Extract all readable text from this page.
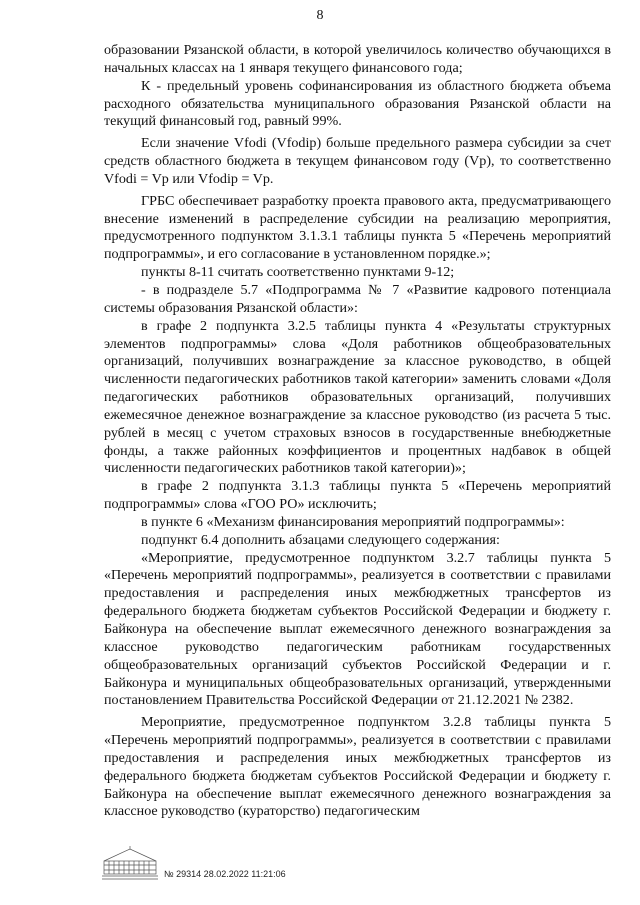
8

образовании Рязанской области, в которой увеличилось количество обучающихся в начальных классах на 1 января текущего финансового года;

К - предельный уровень софинансирования из областного бюджета объема расходного обязательства муниципального образования Рязанской области на текущий финансовый год, равный 99%.

Если значение Vfodi (Vfodip) больше предельного размера субсидии за счет средств областного бюджета в текущем финансовом году (Vp), то соответственно Vfodi = Vp или Vfodip = Vp.

ГРБС обеспечивает разработку проекта правового акта, предусматривающего внесение изменений в распределение субсидии на реализацию мероприятия, предусмотренного подпунктом 3.1.3.1 таблицы пункта 5 «Перечень мероприятий подпрограммы», и его согласование в установленном порядке.»;

пункты 8-11 считать соответственно пунктами 9-12;

- в подразделе 5.7 «Подпрограмма № 7 «Развитие кадрового потенциала системы образования Рязанской области»:

в графе 2 подпункта 3.2.5 таблицы пункта 4 «Результаты структурных элементов подпрограммы» слова «Доля работников общеобразовательных организаций, получивших вознаграждение за классное руководство, в общей численности педагогических работников такой категории» заменить словами «Доля педагогических работников образовательных организаций, получивших ежемесячное денежное вознаграждение за классное руководство (из расчета 5 тыс. рублей в месяц с учетом страховых взносов в государственные внебюджетные фонды, а также районных коэффициентов и процентных надбавок в общей численности педагогических работников такой категории)»;

в графе 2 подпункта 3.1.3 таблицы пункта 5 «Перечень мероприятий подпрограммы» слова «ГОО РО» исключить;

в пункте 6 «Механизм финансирования мероприятий подпрограммы»:

подпункт 6.4 дополнить абзацами следующего содержания:

«Мероприятие, предусмотренное подпунктом 3.2.7 таблицы пункта 5 «Перечень мероприятий подпрограммы», реализуется в соответствии с правилами предоставления и распределения иных межбюджетных трансфертов из федерального бюджета бюджетам субъектов Российской Федерации и бюджету г. Байконура на обеспечение выплат ежемесячного денежного вознаграждения за классное руководство педагогическим работникам государственных общеобразовательных организаций субъектов Российской Федерации и г. Байконура и муниципальных общеобразовательных организаций, утвержденными постановлением Правительства Российской Федерации от 21.12.2021 № 2382.

Мероприятие, предусмотренное подпунктом 3.2.8 таблицы пункта 5 «Перечень мероприятий подпрограммы», реализуется в соответствии с правилами предоставления и распределения иных межбюджетных трансфертов из федерального бюджета бюджетам субъектов Российской Федерации и бюджету г. Байконура на обеспечение выплат ежемесячного денежного вознаграждения за классное руководство (кураторство) педагогическим

№ 29314 28.02.2022 11:21:06
